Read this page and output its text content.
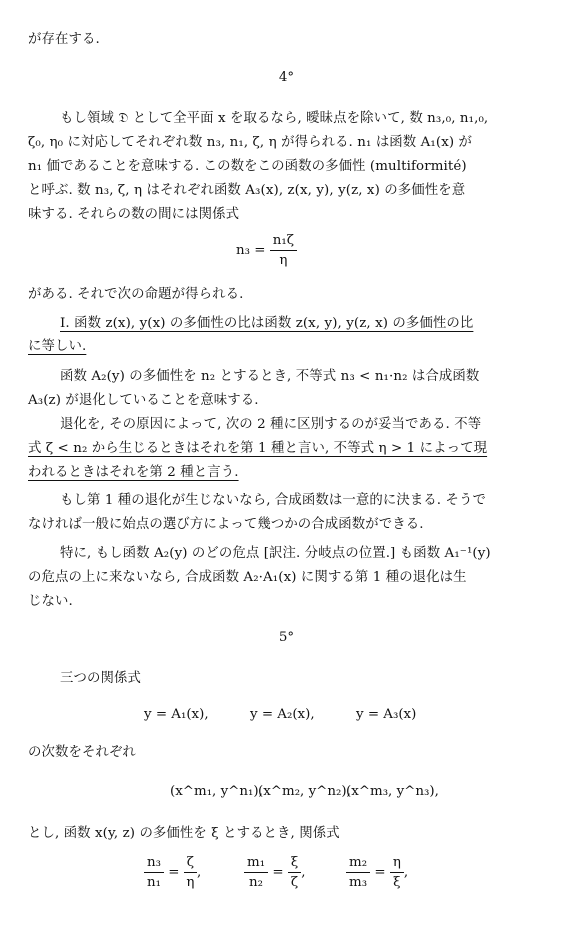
が存在する.
4°
もし領域 𝔇 として全平面 x を取るなら, 曖昧点を除いて, 数 n₃,₀, n₁,₀,
ζ₀, η₀ に対応してそれぞれ数 n₃, n₁, ζ, η が得られる. n₁ は函数 A₁(x) が
n₁ 価であることを意味する. この数をこの函数の多価性 (multiformité)
と呼ぶ. 数 n₃, ζ, η はそれぞれ函数 A₃(x), z(x, y), y(z, x) の多価性を意
味する. それらの数の間には関係式
$n_3 = \frac{\text{n₁ζ}}{\eta}$
がある. それで次の命題が得られる.
I. 函数 z(x), y(x) の多価性の比は函数 z(x, y), y(z, x) の多価性の比
に等しい.
函数 A₂(y) の多価性を n₂ とするとき, 不等式 n₃ < n₁·n₂ は合成函数
A₃(z) が退化していることを意味する.
退化を, その原因によって, 次の 2 種に区別するのが妥当である. 不等
式 ζ < n₂ から生じるときはそれを第 1 種と言い, 不等式 η > 1 によって現
われるときはそれを第 2 種と言う.
もし第 1 種の退化が生じないなら, 合成函数は一意的に決まる. そうで
なければ一般に始点の選び方によって幾つかの合成函数ができる.
特に, もし函数 A₂(y) のどの危点 [訳注. 分岐点の位置.] も函数 A₁⁻¹(y)
の危点の上に来ないなら, 合成函数 A₂·A₁(x) に関する第 1 種の退化は生
じない.
5°
三つの関係式
y = A₁(x),	y = A₂(x),	y = A₃(x)
の次数をそれぞれ
(x^m₁, y^n₁),
(x^m₂, y^n₂),
(x^m₃, y^n₃),
とし, 函数 x(y, z) の多価性を ξ とするとき, 関係式
$\frac{\text{n₃}}{\text{n₁}} = \frac{\zeta}{\eta}$ ,	$\frac{\text{m₁}}{\text{n₂}} = \frac{\xi}{\zeta}$ ,	$\frac{\text{m₂}}{\text{m₃}} = \frac{\eta}{\xi}$ ,
